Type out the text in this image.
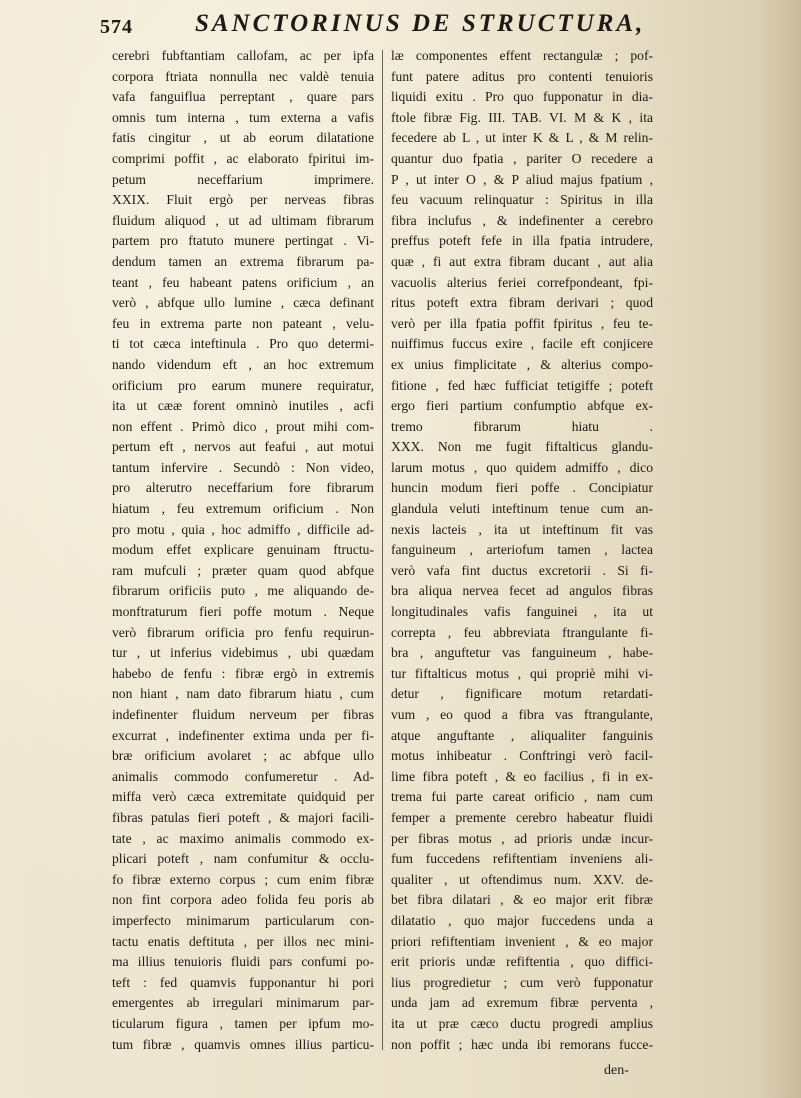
574 SANCTORINUS DE STRUCTURA,
cerebri fubftantiam callofam, ac per ipfa
corpora ftriata nonnulla nec valdè tenuia
vafa fanguiflua perreptant , quare pars
omnis tum interna , tum externa a vafis
fatis cingitur , ut ab eorum dilatatione
comprimi poffit , ac elaborato fpiritui im-
petum neceffarium imprimere.
XXIX. Fluit ergò per nerveas fibras
fluidum aliquod , ut ad ultimam fibrarum
partem pro ftatuto munere pertingat . Vi-
dendum tamen an extrema fibrarum pa-
teant , feu habeant patens orificium , an
verò , abfque ullo lumine , cæca definant
feu in extrema parte non pateant , velu-
ti tot cæca inteftinula . Pro quo determi-
nando videndum eft , an hoc extremum
orificium pro earum munere requiratur,
ita ut cææ forent omninò inutiles , acfi
non effent . Primò dico , prout mihi com-
pertum eft , nervos aut feafui , aut motui
tantum infervire . Secundò : Non video,
pro alterutro neceffarium fore fibrarum
hiatum , feu extremum orificium . Non
pro motu , quia , hoc admiffo , difficile ad-
modum effet explicare genuinam ftructu-
ram mufculi ; præter quam quod abfque
fibrarum orificiis puto , me aliquando de-
monftraturum fieri poffe motum . Neque
verò fibrarum orificia pro fenfu requirun-
tur , ut inferius videbimus , ubi quædam
habebo de fenfu : fibræ ergò in extremis
non hiant , nam dato fibrarum hiatu , cum
indefinenter fluidum nerveum per fibras
excurrat , indefinenter extima unda per fi-
bræ orificium avolaret ; ac abfque ullo
animalis commodo confumeretur . Ad-
miffa verò cæca extremitate quidquid per
fibras patulas fieri poteft , & majori facili-
tate , ac maximo animalis commodo ex-
plicari poteft , nam confumitur & occlu-
fo fibræ externo corpus ; cum enim fibræ
non fint corpora adeo folida feu poris ab
imperfecto minimarum particularum con-
tactu enatis deftituta , per illos nec mini-
ma illius tenuioris fluidi pars confumi po-
teft : fed quamvis fupponantur hi pori
emergentes ab irregulari minimarum par-
ticularum figura , tamen per ipfum mo-
tum fibræ , quamvis omnes illius particu-
læ componentes effent rectangulæ ; pof-
funt patere aditus pro contenti tenuioris
liquidi exitu . Pro quo fupponatur in dia-
ftole fibræ Fig. III. TAB. VI. M & K , ita
fecedere ab L , ut inter K & L , & M relin-
quantur duo fpatia , pariter O recedere a
P , ut inter O , & P aliud majus fpatium ,
feu vacuum relinquatur : Spiritus in illa
fibra inclufus , & indefinenter a cerebro
preffus poteft fefe in illa fpatia intrudere,
quæ , fi aut extra fibram ducant , aut alia
vacuolis alterius feriei correfpondeant, fpi-
ritus poteft extra fibram derivari ; quod
verò per illa fpatia poffit fpiritus , feu te-
nuiffimus fuccus exire , facile eft conjicere
ex unius fimplicitate , & alterius compo-
fitione , fed hæc fufficiat tetigiffe ; poteft
ergo fieri partium confumptio abfque ex-
tremo fibrarum hiatu .
XXX. Non me fugit fiftalticus glandu-
larum motus , quo quidem admiffo , dico
huncin modum fieri poffe . Concipiatur
glandula veluti inteftinum tenue cum an-
nexis lacteis , ita ut inteftinum fit vas
fanguineum , arteriofum tamen , lactea
verò vafa fint ductus excretorii . Si fi-
bra aliqua nervea fecet ad angulos fibras
longitudinales vafis fanguinei , ita ut
correpta , feu abbreviata ftrangulante fi-
bra , anguftetur vas fanguineum , habe-
tur fiftalticus motus , qui propriè mihi vi-
detur , fignificare motum retardati-
vum , eo quod a fibra vas ftrangulante,
atque anguftante , aliqualiter fanguinis
motus inhibeatur . Conftringi verò facil-
lime fibra poteft , & eo facilius , fi in ex-
trema fui parte careat orificio , nam cum
femper a premente cerebro habeatur fluidi
per fibras motus , ad prioris undæ incur-
fum fuccedens refiftentiam inveniens ali-
qualiter , ut oftendimus num. XXV. de-
bet fibra dilatari , & eo major erit fibræ
dilatatio , quo major fuccedens unda a
priori refiftentiam invenient , & eo major
erit prioris undæ refiftentia , quo diffici-
lius progredietur ; cum verò fupponatur
unda jam ad exremum fibræ perventa ,
ita ut præ cæco ductu progredi amplius
non poffit ; hæc unda ibi remorans fucce-
den-
